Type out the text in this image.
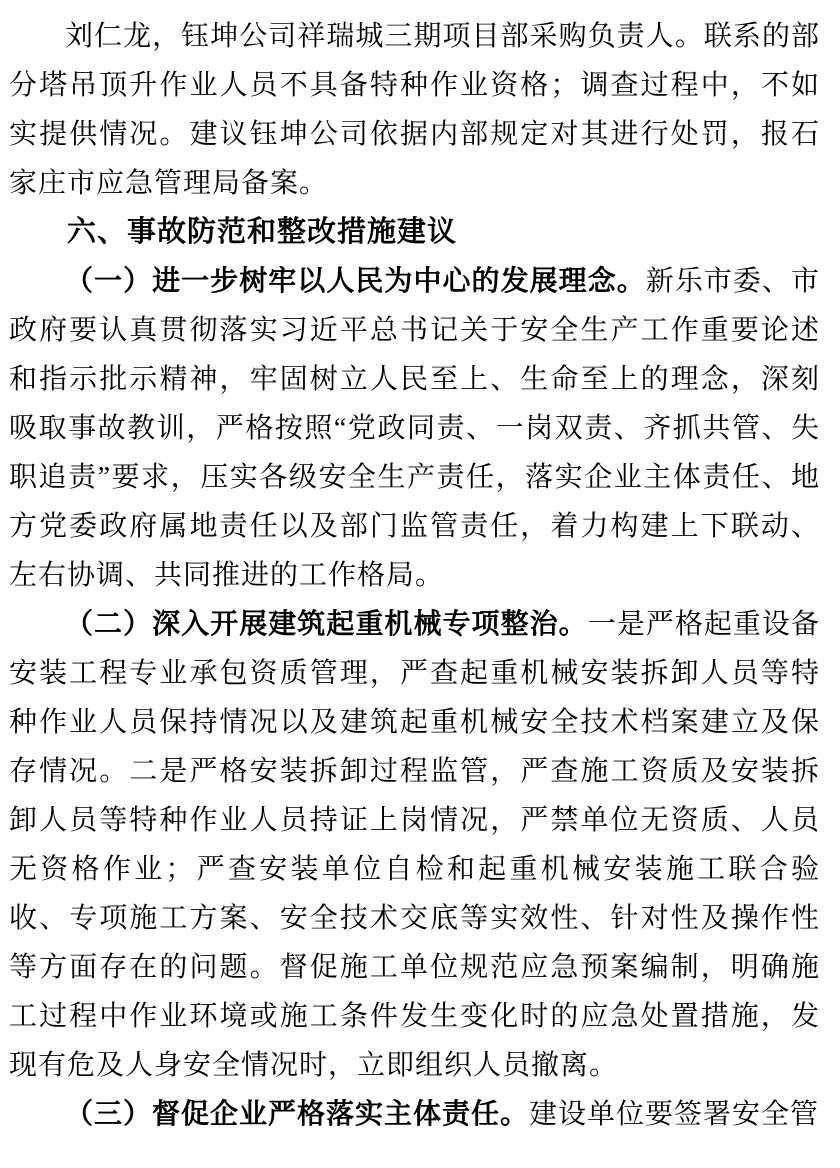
刘仁龙，钰坤公司祥瑞城三期项目部采购负责人。联系的部分塔吊顶升作业人员不具备特种作业资格；调查过程中，不如实提供情况。建议钰坤公司依据内部规定对其进行处罚，报石家庄市应急管理局备案。

六、事故防范和整改措施建议

（一）进一步树牢以人民为中心的发展理念。新乐市委、市政府要认真贯彻落实习近平总书记关于安全生产工作重要论述和指示批示精神，牢固树立人民至上、生命至上的理念，深刻吸取事故教训，严格按照“党政同责、一岗双责、齐抓共管、失职追责”要求，压实各级安全生产责任，落实企业主体责任、地方党委政府属地责任以及部门监管责任，着力构建上下联动、左右协调、共同推进的工作格局。

（二）深入开展建筑起重机械专项整治。一是严格起重设备安装工程专业承包资质管理，严查起重机械安装拆卸人员等特种作业人员保持情况以及建筑起重机械安全技术档案建立及保存情况。二是严格安装拆卸过程监管，严查施工资质及安装拆卸人员等特种作业人员持证上岗情况，严禁单位无资质、人员无资格作业；严查安装单位自检和起重机械安装施工联合验收、专项施工方案、安全技术交底等实效性、针对性及操作性等方面存在的问题。督促施工单位规范应急预案编制，明确施工过程中作业环境或施工条件发生变化时的应急处置措施，发现有危及人身安全情况时，立即组织人员撤离。

（三）督促企业严格落实主体责任。建设单位要签署安全管
